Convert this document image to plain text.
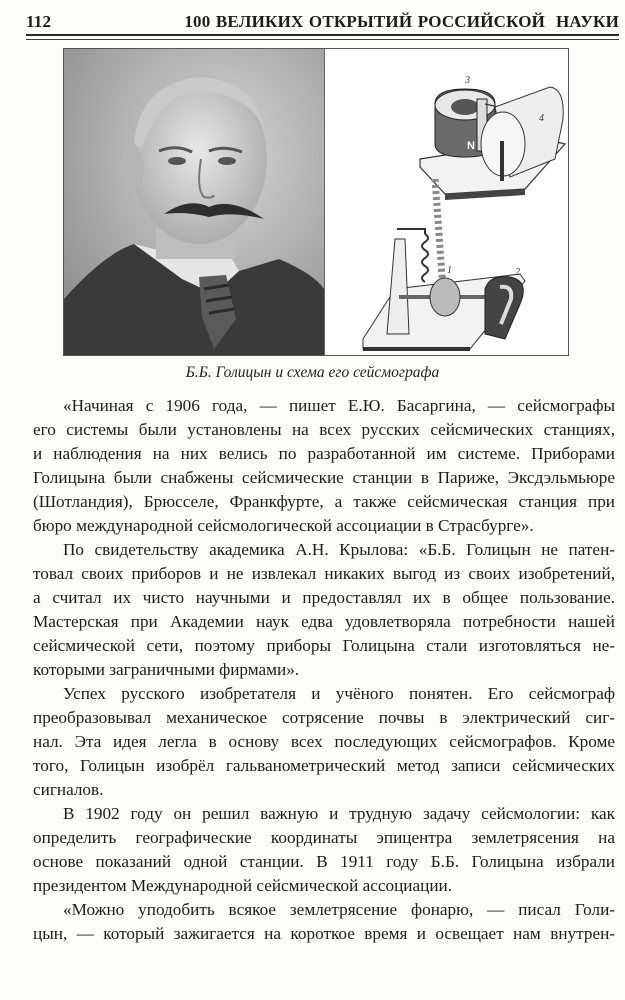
112	100 ВЕЛИКИХ ОТКРЫТИЙ РОССИЙСКОЙ  НАУКИ
N
3
4
1	2
Б.Б. Голицын и схема его сейсмографа

«Начиная с 1906 года, — пишет Е.Ю. Басаргина, — сейсмографы
его системы были установлены на всех русских сейсмических станциях,
и наблюдения на них велись по разработанной им системе. Приборами
Голицына были снабжены сейсмические станции в Париже, Эксдэльмьюре
(Шотландия), Брюсселе, Франкфурте, а также сейсмическая станция при
бюро международной сейсмологической ассоциации в Страсбурге».

По свидетельству академика А.Н. Крылова: «Б.Б. Голицын не патен-
товал своих приборов и не извлекал никаких выгод из своих изобретений,
а считал их чисто научными и предоставлял их в общее пользование.
Мастерская при Академии наук едва удовлетворяла потребности нашей
сейсмической сети, поэтому приборы Голицына стали изготовляться не-
которыми заграничными фирмами».

Успех русского изобретателя и учёного понятен. Его сейсмограф
преобразовывал механическое сотрясение почвы в электрический сиг-
нал. Эта идея легла в основу всех последующих сейсмографов. Кроме
того, Голицын изобрёл гальванометрический метод записи сейсмических
сигналов.

В 1902 году он решил важную и трудную задачу сейсмологии: как
определить географические координаты эпицентра землетрясения на
основе показаний одной станции. В 1911 году Б.Б. Голицына избрали
президентом Международной сейсмической ассоциации.

«Можно уподобить всякое землетрясение фонарю, — писал Голи-
цын, — который зажигается на короткое время и освещает нам внутрен-
